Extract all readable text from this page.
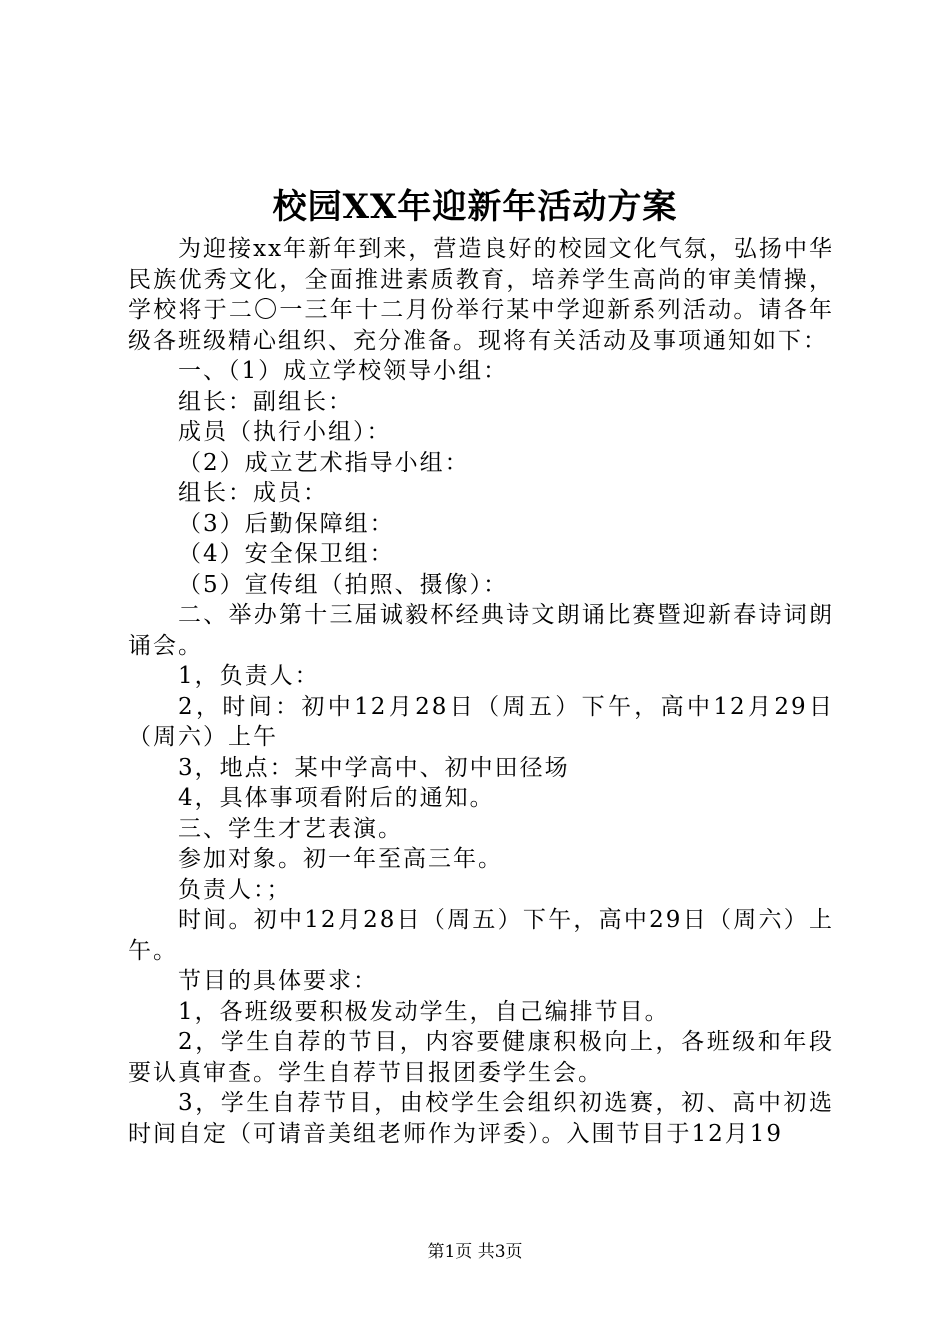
校园XX年迎新年活动方案

为迎接xx年新年到来，营造良好的校园文化气氛，弘扬中华民族优秀文化，全面推进素质教育，培养学生高尚的审美情操，学校将于二〇一三年十二月份举行某中学迎新系列活动。请各年级各班级精心组织、充分准备。现将有关活动及事项通知如下：

一、（1）成立学校领导小组：

组长：副组长：

成员（执行小组）：

（2）成立艺术指导小组：

组长：成员：

（3）后勤保障组：

（4）安全保卫组：

（5）宣传组（拍照、摄像）：

二、举办第十三届诚毅杯经典诗文朗诵比赛暨迎新春诗词朗诵会。

1，负责人：

2，时间：初中12月28日（周五）下午，高中12月29日（周六）上午

3，地点：某中学高中、初中田径场

4，具体事项看附后的通知。

三、学生才艺表演。

参加对象。初一年至高三年。

负责人：；

时间。初中12月28日（周五）下午，高中29日（周六）上午。

节目的具体要求：

1，各班级要积极发动学生，自己编排节目。

2，学生自荐的节目，内容要健康积极向上，各班级和年段要认真审查。学生自荐节目报团委学生会。

3，学生自荐节目，由校学生会组织初选赛，初、高中初选时间自定（可请音美组老师作为评委）。入围节目于12月19

第1页 共3页
